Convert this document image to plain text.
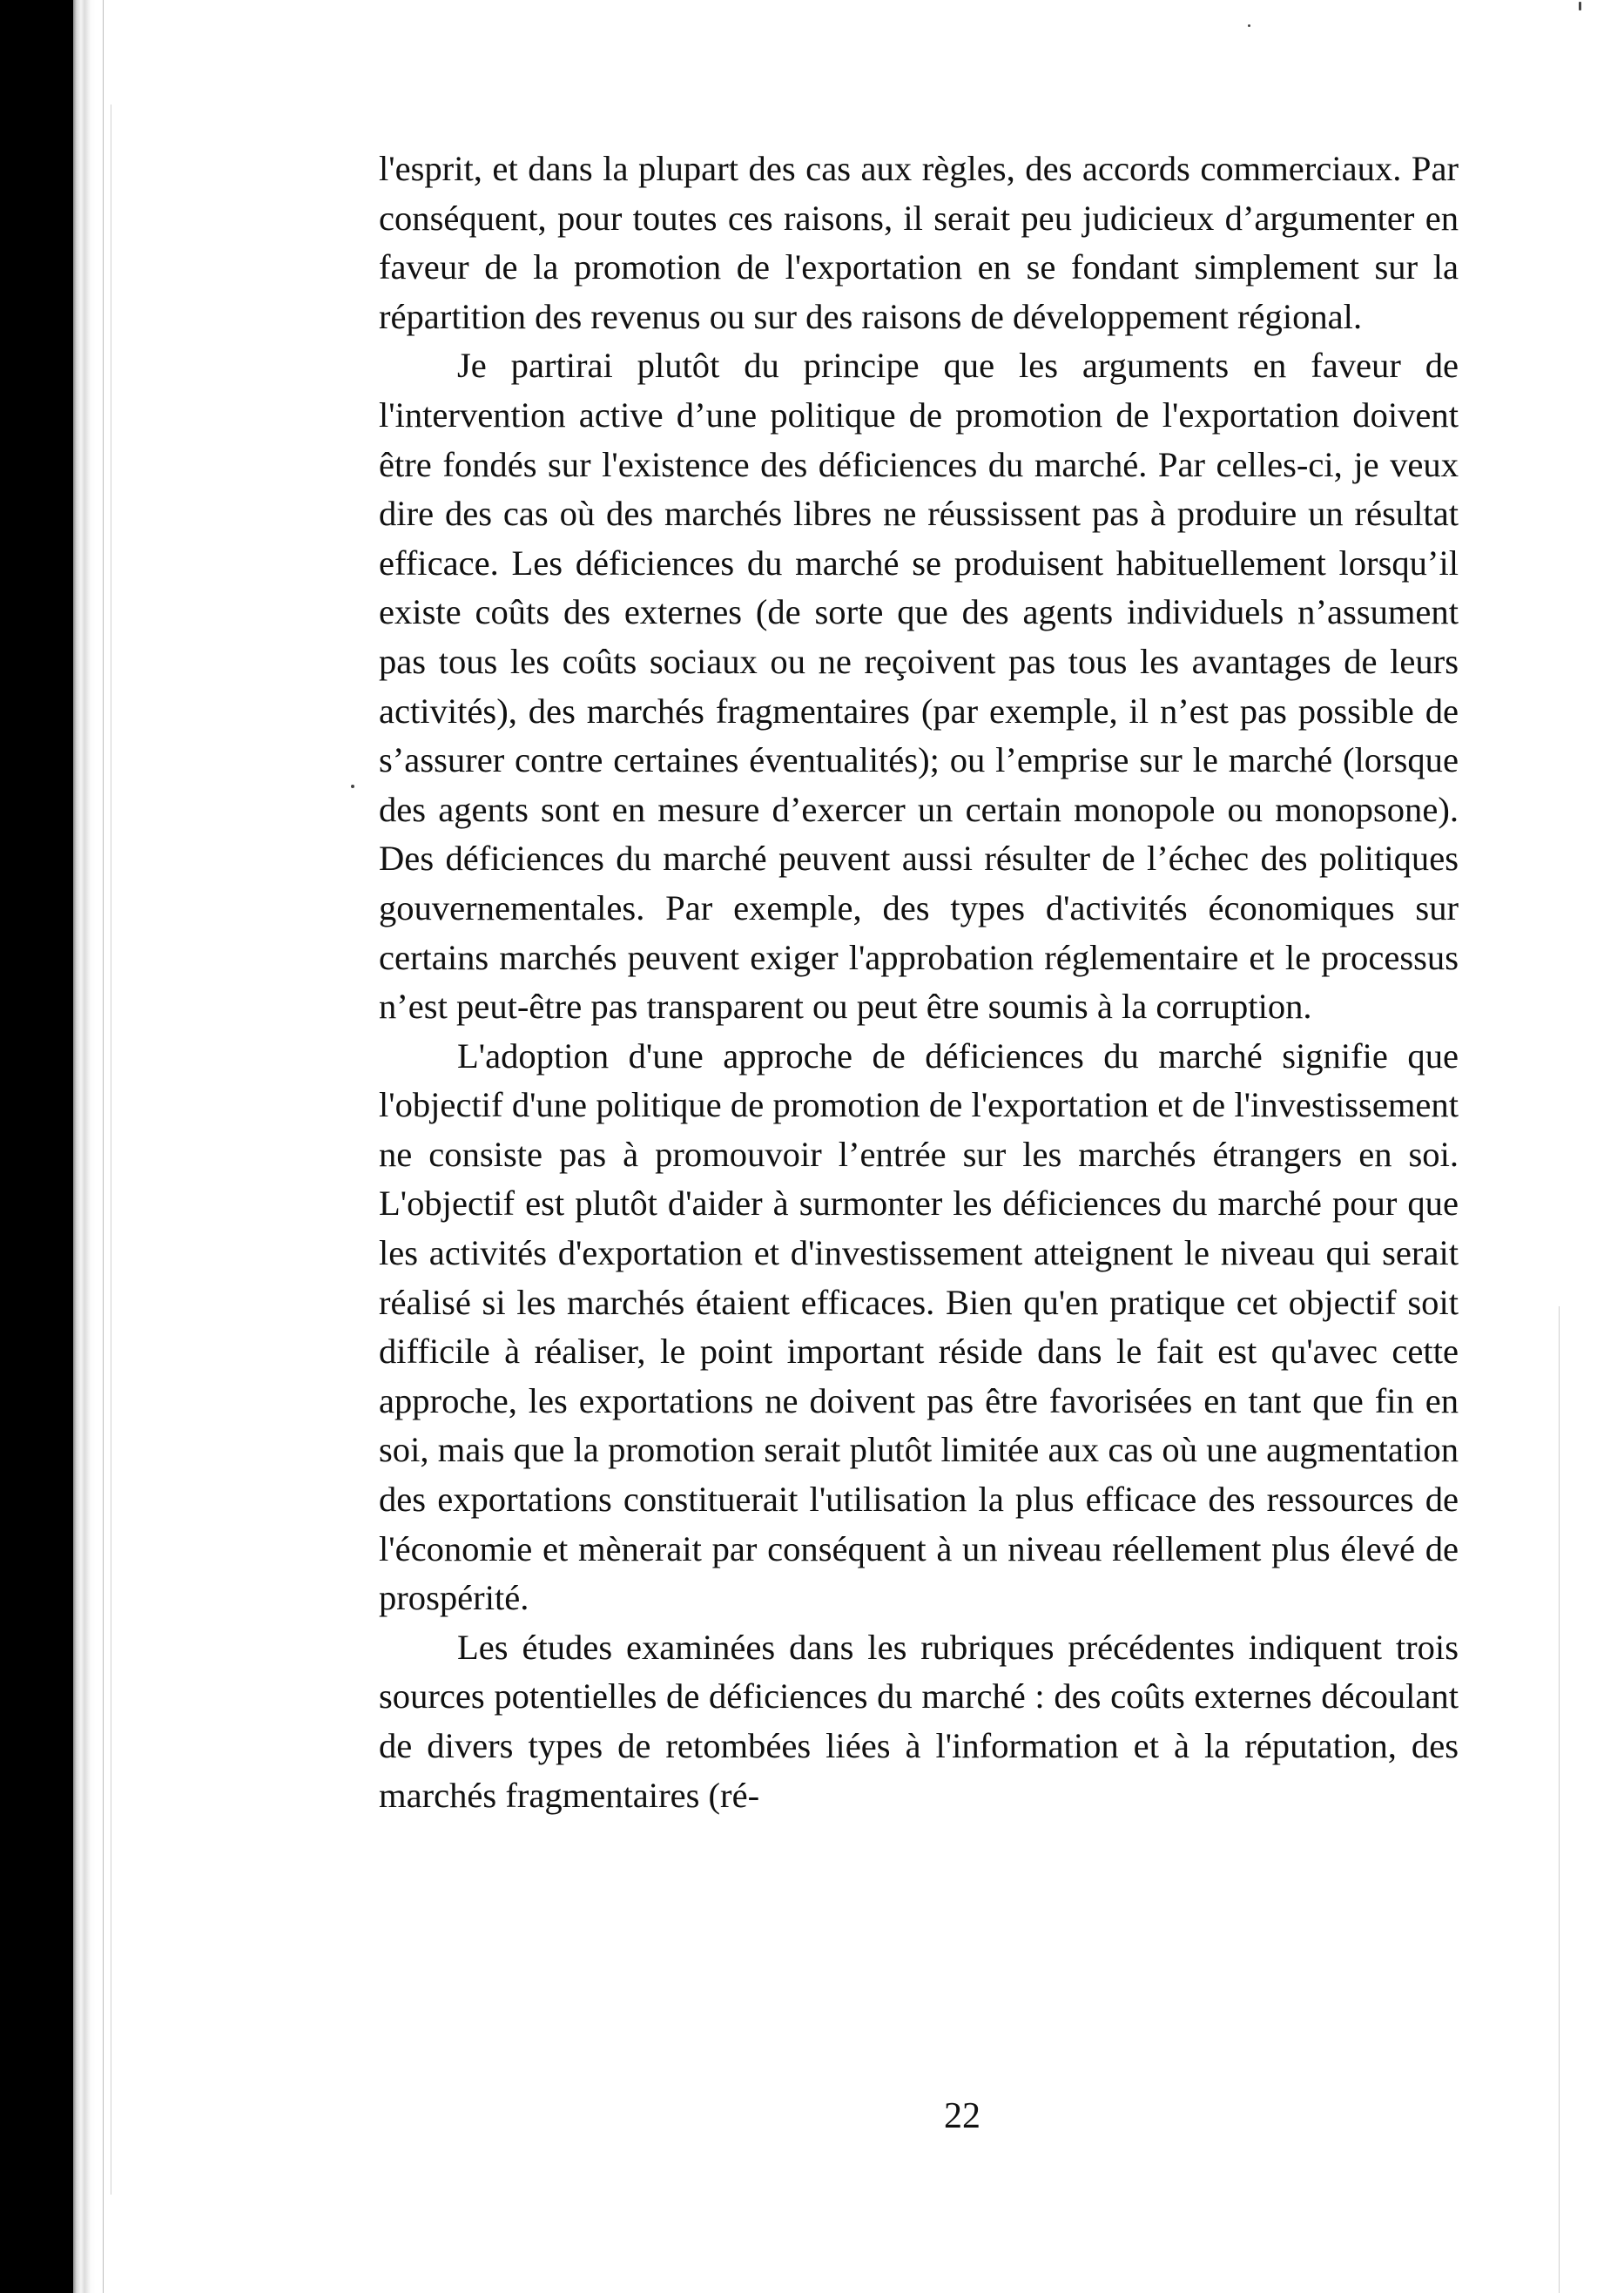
l'esprit, et dans la plupart des cas aux règles, des accords commerciaux. Par conséquent, pour toutes ces raisons, il serait peu judicieux d’argumenter en faveur de la promotion de l'exportation en se fondant simplement sur la répartition des revenus ou sur des raisons de développement régional.

Je partirai plutôt du principe que les arguments en faveur de l'intervention active d’une politique de promotion de l'exportation doivent être fondés sur l'existence des déficiences du marché. Par celles-ci, je veux dire des cas où des marchés libres ne réussissent pas à produire un résultat efficace. Les déficiences du marché se produisent habituellement lorsqu’il existe coûts des externes (de sorte que des agents individuels n’assument pas tous les coûts sociaux ou ne reçoivent pas tous les avantages de leurs activités), des marchés fragmentaires (par exemple, il n’est pas possible de s’assurer contre certaines éventualités); ou l’emprise sur le marché (lorsque des agents sont en mesure d’exercer un certain monopole ou monopsone). Des déficiences du marché peuvent aussi résulter de l’échec des politiques gouvernementales. Par exemple, des types d'activités économiques sur certains marchés peuvent exiger l'approbation réglementaire et le processus n’est peut-être pas transparent ou peut être soumis à la corruption.

L'adoption d'une approche de déficiences du marché signifie que l'objectif d'une politique de promotion de l'exportation et de l'investissement ne consiste pas à promouvoir l’entrée sur les marchés étrangers en soi. L'objectif est plutôt d'aider à surmonter les déficiences du marché pour que les activités d'exportation et d'investissement atteignent le niveau qui serait réalisé si les marchés étaient efficaces. Bien qu'en pratique cet objectif soit difficile à réaliser, le point important réside dans le fait est qu'avec cette approche, les exportations ne doivent pas être favorisées en tant que fin en soi, mais que la promotion serait plutôt limitée aux cas où une augmentation des exportations constituerait l'utilisation la plus efficace des ressources de l'économie et mènerait par conséquent à un niveau réellement plus élevé de prospérité.

Les études examinées dans les rubriques précédentes indiquent trois sources potentielles de déficiences du marché : des coûts externes découlant de divers types de retombées liées à l'information et à la réputation, des marchés fragmentaires (ré-

22
